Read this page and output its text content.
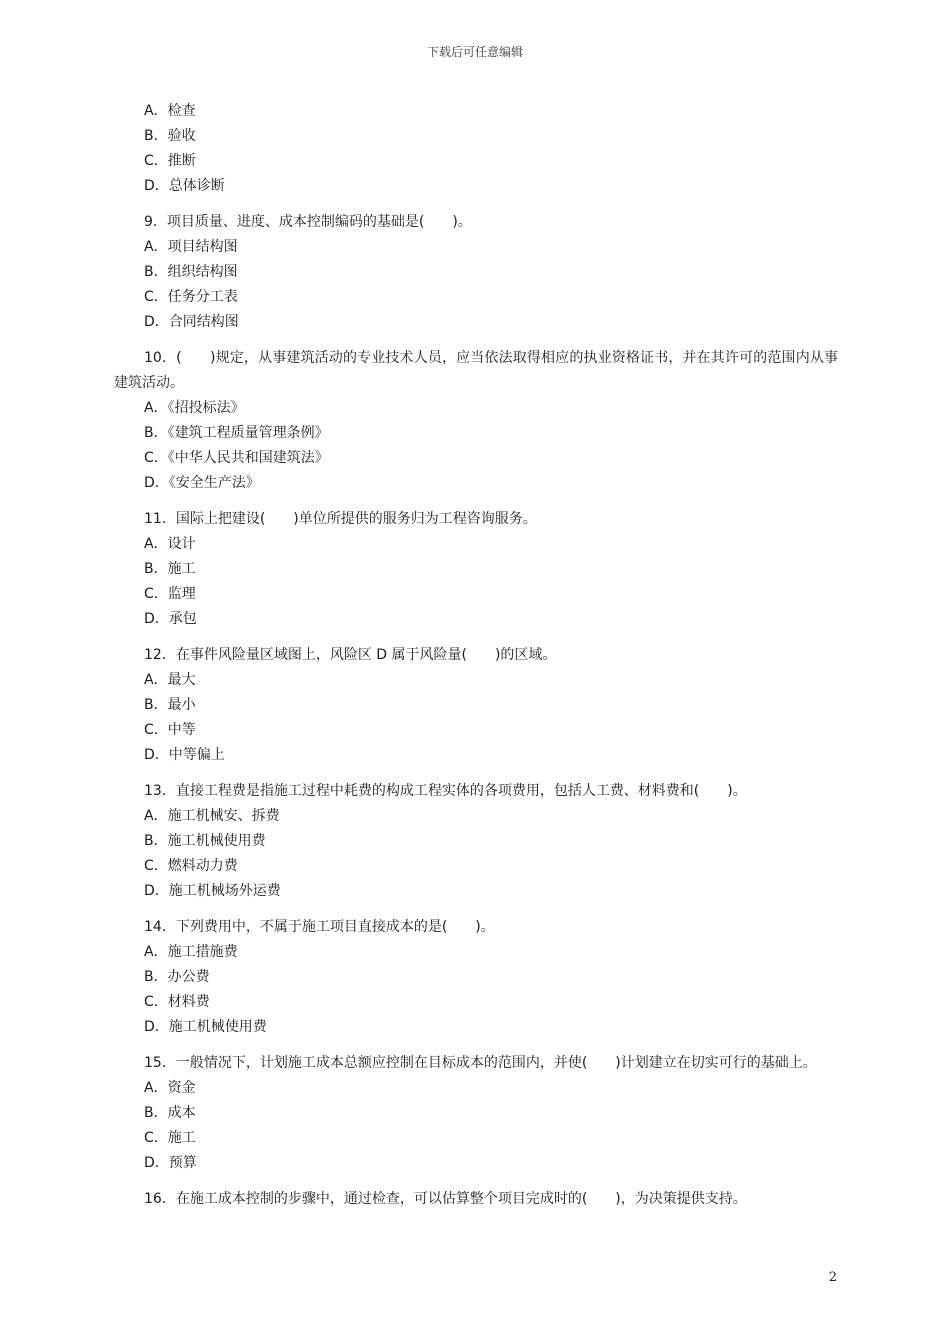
下载后可任意编辑
A．检查
B．验收
C．推断
D．总体诊断
9．项目质量、进度、成本控制编码的基础是(　　)。
A．项目结构图
B．组织结构图
C．任务分工表
D．合同结构图
10．(　　)规定，从事建筑活动的专业技术人员，应当依法取得相应的执业资格证书，并在其许可的范围内从事建筑活动。
A．《招投标法》
B．《建筑工程质量管理条例》
C．《中华人民共和国建筑法》
D．《安全生产法》
11．国际上把建设(　　)单位所提供的服务归为工程咨询服务。
A．设计
B．施工
C．监理
D．承包
12．在事件风险量区域图上，风险区 D 属于风险量(　　)的区域。
A．最大
B．最小
C．中等
D．中等偏上
13．直接工程费是指施工过程中耗费的构成工程实体的各项费用，包括人工费、材料费和(　　)。
A．施工机械安、拆费
B．施工机械使用费
C．燃料动力费
D．施工机械场外运费
14．下列费用中，不属于施工项目直接成本的是(　　)。
A．施工措施费
B．办公费
C．材料费
D．施工机械使用费
15．一般情况下，计划施工成本总额应控制在目标成本的范围内，并使(　　)计划建立在切实可行的基础上。
A．资金
B．成本
C．施工
D．预算
16．在施工成本控制的步骤中，通过检查，可以估算整个项目完成时的(　　)，为决策提供支持。
2
